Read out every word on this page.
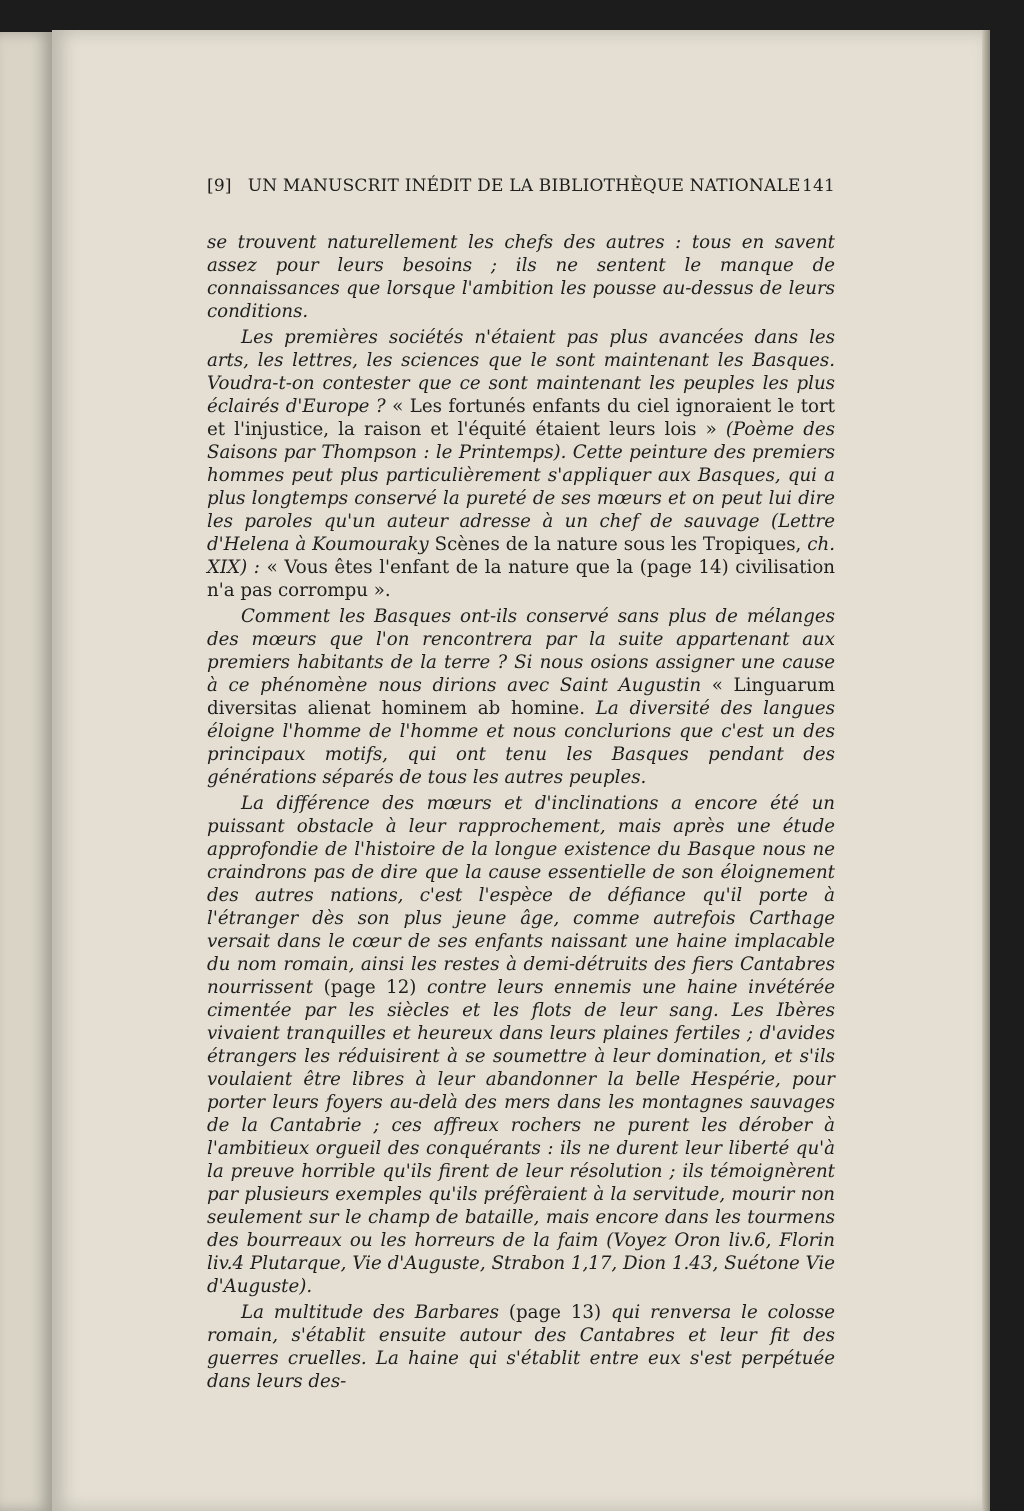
[9] UN MANUSCRIT INÉDIT DE LA BIBLIOTHÈQUE NATIONALE 141

se trouvent naturellement les chefs des autres : tous en savent assez pour leurs besoins ; ils ne sentent le manque de connaissances que lorsque l'ambition les pousse au-dessus de leurs conditions.

Les premières sociétés n'étaient pas plus avancées dans les arts, les lettres, les sciences que le sont maintenant les Basques. Voudra-t-on contester que ce sont maintenant les peuples les plus éclairés d'Europe ? « Les fortunés enfants du ciel ignoraient le tort et l'injustice, la raison et l'équité étaient leurs lois » (Poème des Saisons par Thompson : le Printemps). Cette peinture des premiers hommes peut plus particulièrement s'appliquer aux Basques, qui a plus longtemps conservé la pureté de ses mœurs et on peut lui dire les paroles qu'un auteur adresse à un chef de sauvage (Lettre d'Helena à Koumouraky Scènes de la nature sous les Tropiques, ch. XIX) : « Vous êtes l'enfant de la nature que la (page 14) civilisation n'a pas corrompu ».

Comment les Basques ont-ils conservé sans plus de mélanges des mœurs que l'on rencontrera par la suite appartenant aux premiers habitants de la terre ? Si nous osions assigner une cause à ce phénomène nous dirions avec Saint Augustin « Linguarum diversitas alienat hominem ab homine. La diversité des langues éloigne l'homme de l'homme et nous conclurions que c'est un des principaux motifs, qui ont tenu les Basques pendant des générations séparés de tous les autres peuples.

La différence des mœurs et d'inclinations a encore été un puissant obstacle à leur rapprochement, mais après une étude approfondie de l'histoire de la longue existence du Basque nous ne craindrons pas de dire que la cause essentielle de son éloignement des autres nations, c'est l'espèce de défiance qu'il porte à l'étranger dès son plus jeune âge, comme autrefois Carthage versait dans le cœur de ses enfants naissant une haine implacable du nom romain, ainsi les restes à demi-détruits des fiers Cantabres nourrissent (page 12) contre leurs ennemis une haine invétérée cimentée par les siècles et les flots de leur sang. Les Ibères vivaient tranquilles et heureux dans leurs plaines fertiles ; d'avides étrangers les réduisirent à se soumettre à leur domination, et s'ils voulaient être libres à leur abandonner la belle Hespérie, pour porter leurs foyers au-delà des mers dans les montagnes sauvages de la Cantabrie ; ces affreux rochers ne purent les dérober à l'ambitieux orgueil des conquérants : ils ne durent leur liberté qu'à la preuve horrible qu'ils firent de leur résolution ; ils témoignèrent par plusieurs exemples qu'ils préfèraient à la servitude, mourir non seulement sur le champ de bataille, mais encore dans les tourmens des bourreaux ou les horreurs de la faim (Voyez Oron liv.6, Florin liv.4 Plutarque, Vie d'Auguste, Strabon 1,17, Dion 1.43, Suétone Vie d'Auguste).

La multitude des Barbares (page 13) qui renversa le colosse romain, s'établit ensuite autour des Cantabres et leur fit des guerres cruelles. La haine qui s'établit entre eux s'est perpétuée dans leurs des-
